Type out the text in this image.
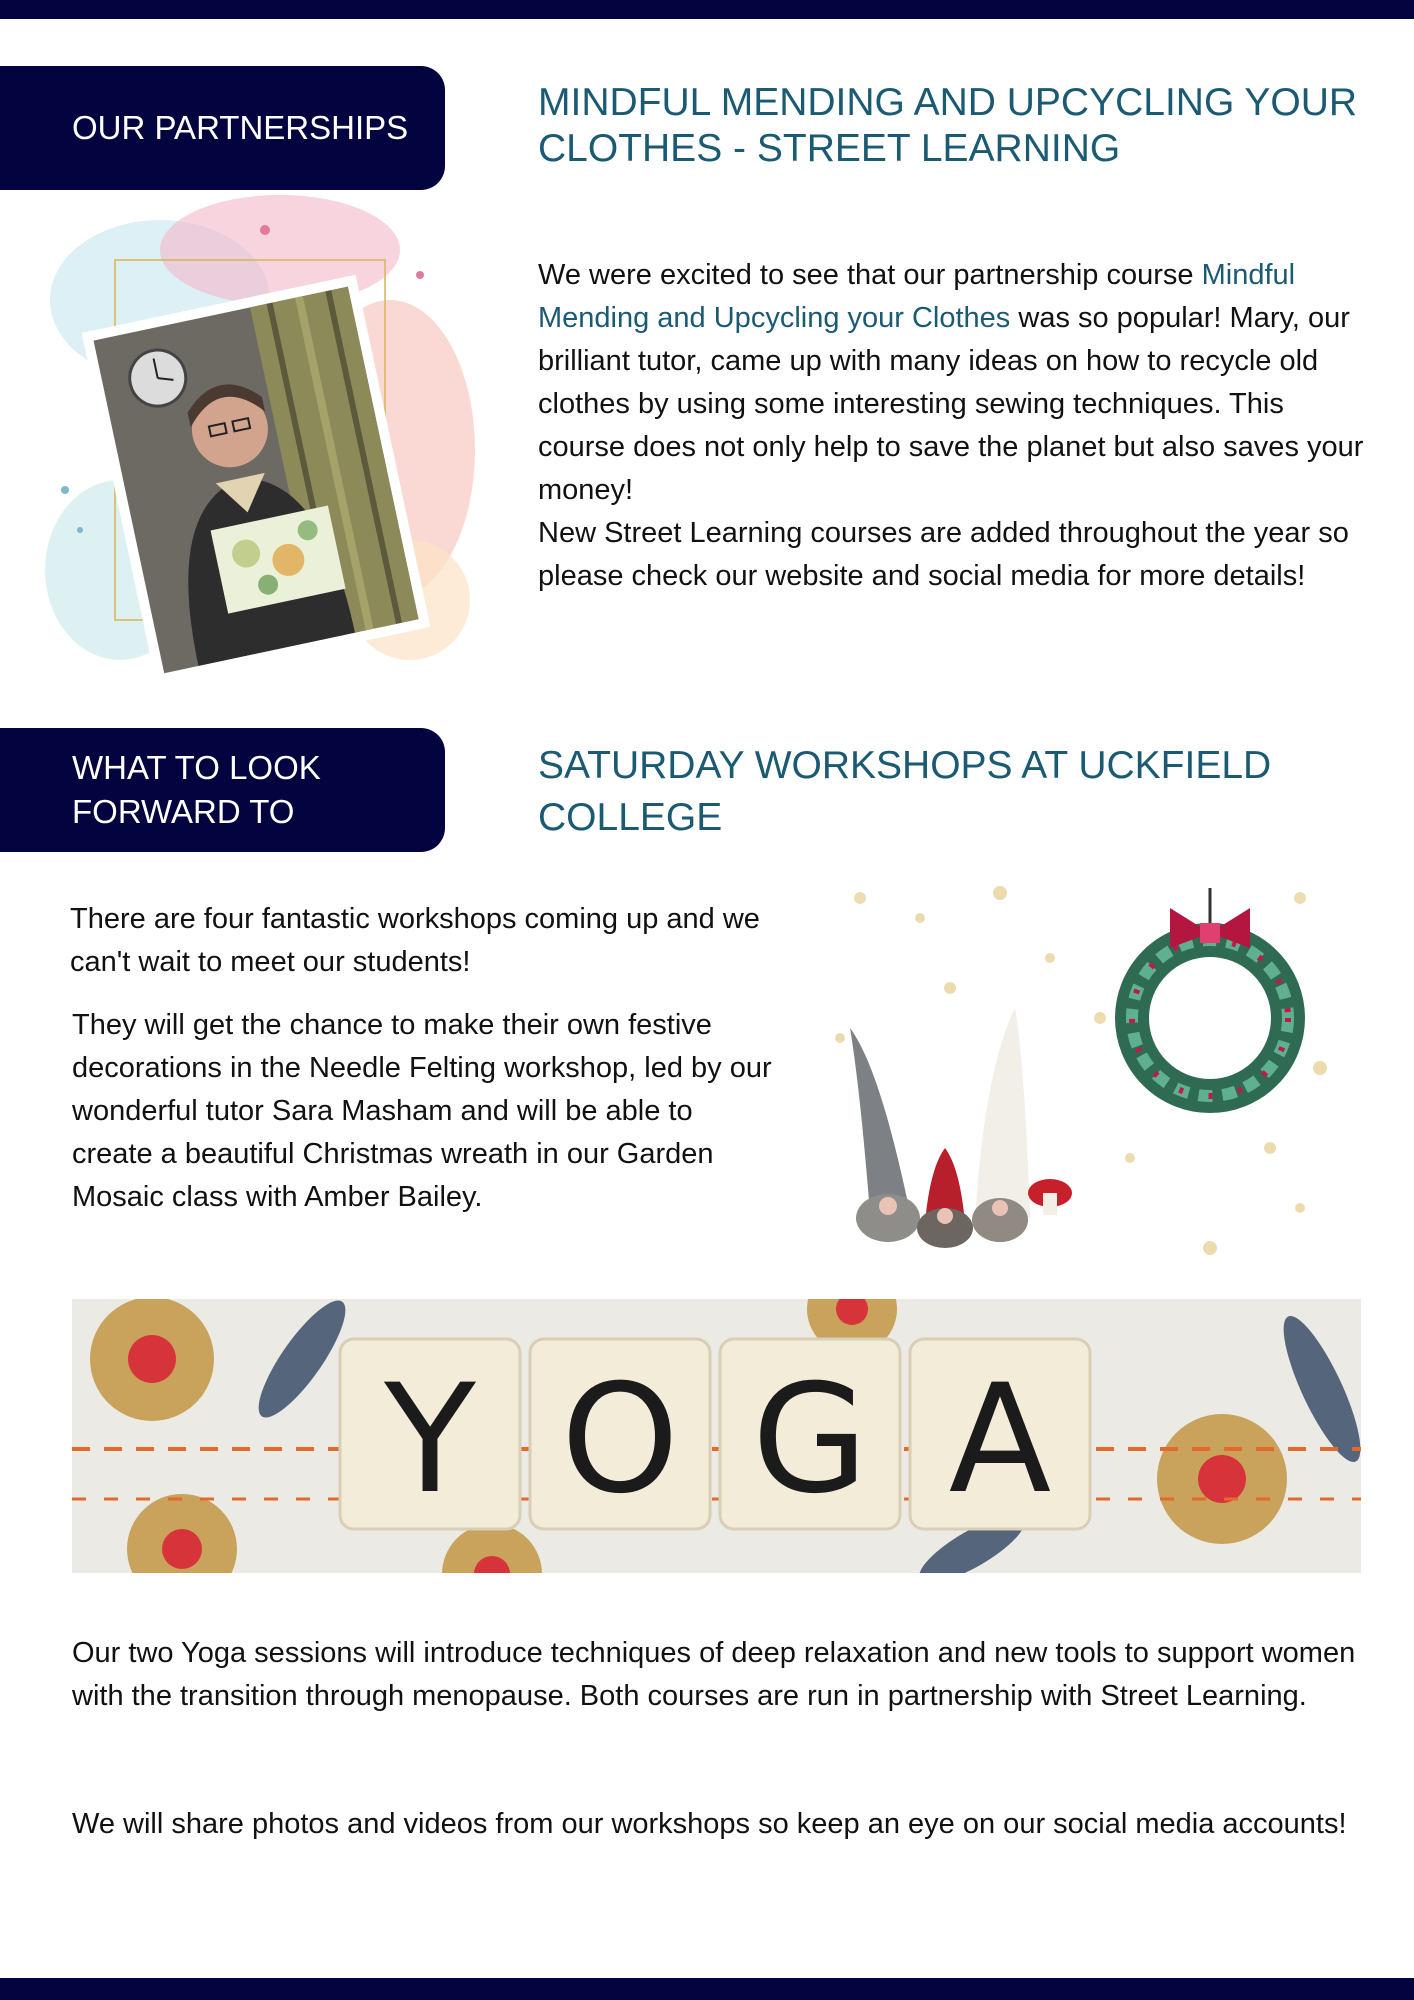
OUR PARTNERSHIPS
MINDFUL MENDING AND UPCYCLING YOUR CLOTHES - STREET LEARNING

We were excited to see that our partnership course Mindful Mending and Upcycling your Clothes was so popular! Mary, our brilliant tutor, came up with many ideas on how to recycle old clothes by using some interesting sewing techniques. This course does not only help to save the planet but also saves your money!
New Street Learning courses are added throughout the year so please check our website and social media for more details!

WHAT TO LOOK FORWARD TO
SATURDAY WORKSHOPS AT UCKFIELD COLLEGE

There are four fantastic workshops coming up and we can't wait to meet our students!

They will get the chance to make their own festive decorations in the Needle Felting workshop, led by our wonderful tutor Sara Masham and will be able to create a beautiful Christmas wreath in our Garden Mosaic class with Amber Bailey.

Y O G A

Our two Yoga sessions will introduce techniques of deep relaxation and new tools to support women with the transition through menopause. Both courses are run in partnership with Street Learning.

We will share photos and videos from our workshops so keep an eye on our social media accounts!
